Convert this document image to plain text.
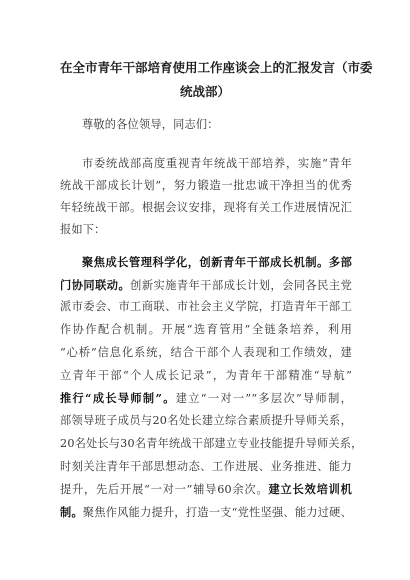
在全市青年干部培育使用工作座谈会上的汇报发言（市委

统战部）

尊敬的各位领导，同志们：

市委统战部高度重视青年统战干部培养，实施“青年

统战干部成长计划”，努力锻造一批忠诚干净担当的优秀

年轻统战干部。根据会议安排，现将有关工作进展情况汇

报如下：

聚焦成长管理科学化，创新青年干部成长机制。多部

门协同联动。创新实施青年干部成长计划，会同各民主党

派市委会、市工商联、市社会主义学院，打造青年干部工

作协作配合机制。开展“选育管用”全链条培养，利用

“心桥”信息化系统，结合干部个人表现和工作绩效，建

立青年干部“个人成长记录”，为青年干部精准“导航”

推行“成长导师制”。建立“一对一”“多层次”导师制，

部领导班子成员与20名处长建立综合素质提升导师关系，

20名处长与30名青年统战干部建立专业技能提升导师关系，

时刻关注青年干部思想动态、工作进展、业务推进、能力

提升，先后开展“一对一”辅导60余次。建立长效培训机

制。聚焦作风能力提升，打造一支“党性坚强、能力过硬、
